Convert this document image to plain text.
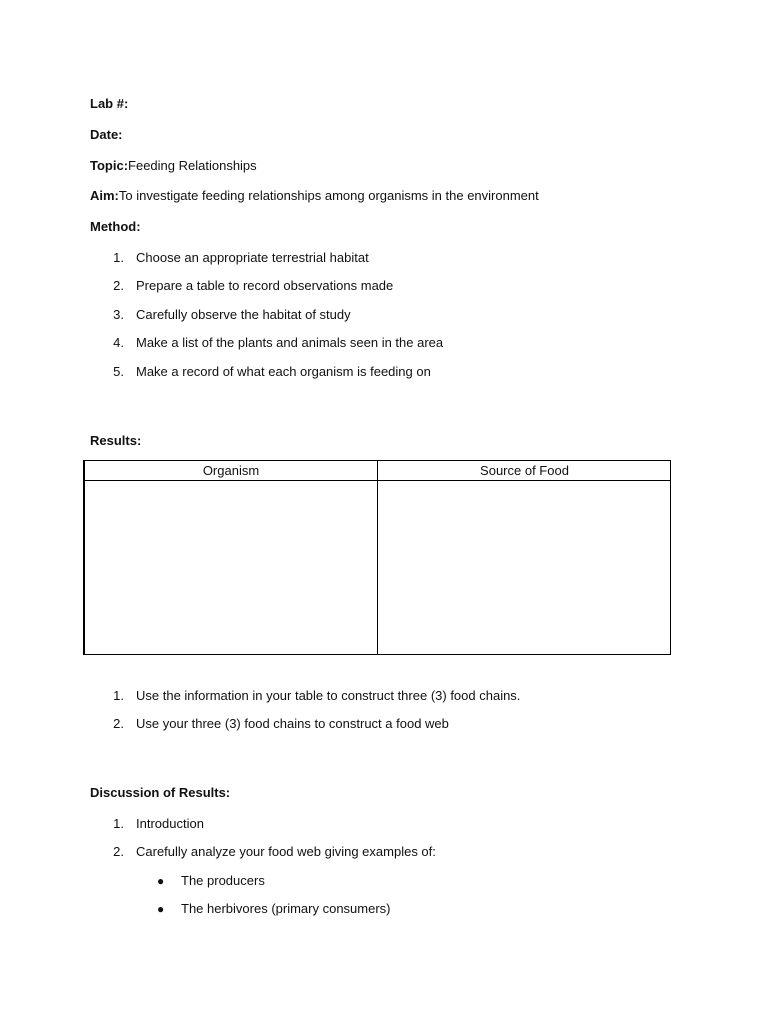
Lab #:
Date:
Topic:Feeding Relationships
Aim:To investigate feeding relationships among organisms in the environment
Method:
1. Choose an appropriate terrestrial habitat
2. Prepare a table to record observations made
3. Carefully observe the habitat of study
4. Make a list of the plants and animals seen in the area
5. Make a record of what each organism is feeding on
Results:
Organism	Source of Food
1. Use the information in your table to construct three (3) food chains.
2. Use your three (3) food chains to construct a food web
Discussion of Results:
1. Introduction
2. Carefully analyze your food web giving examples of:
● The producers
● The herbivores (primary consumers)
